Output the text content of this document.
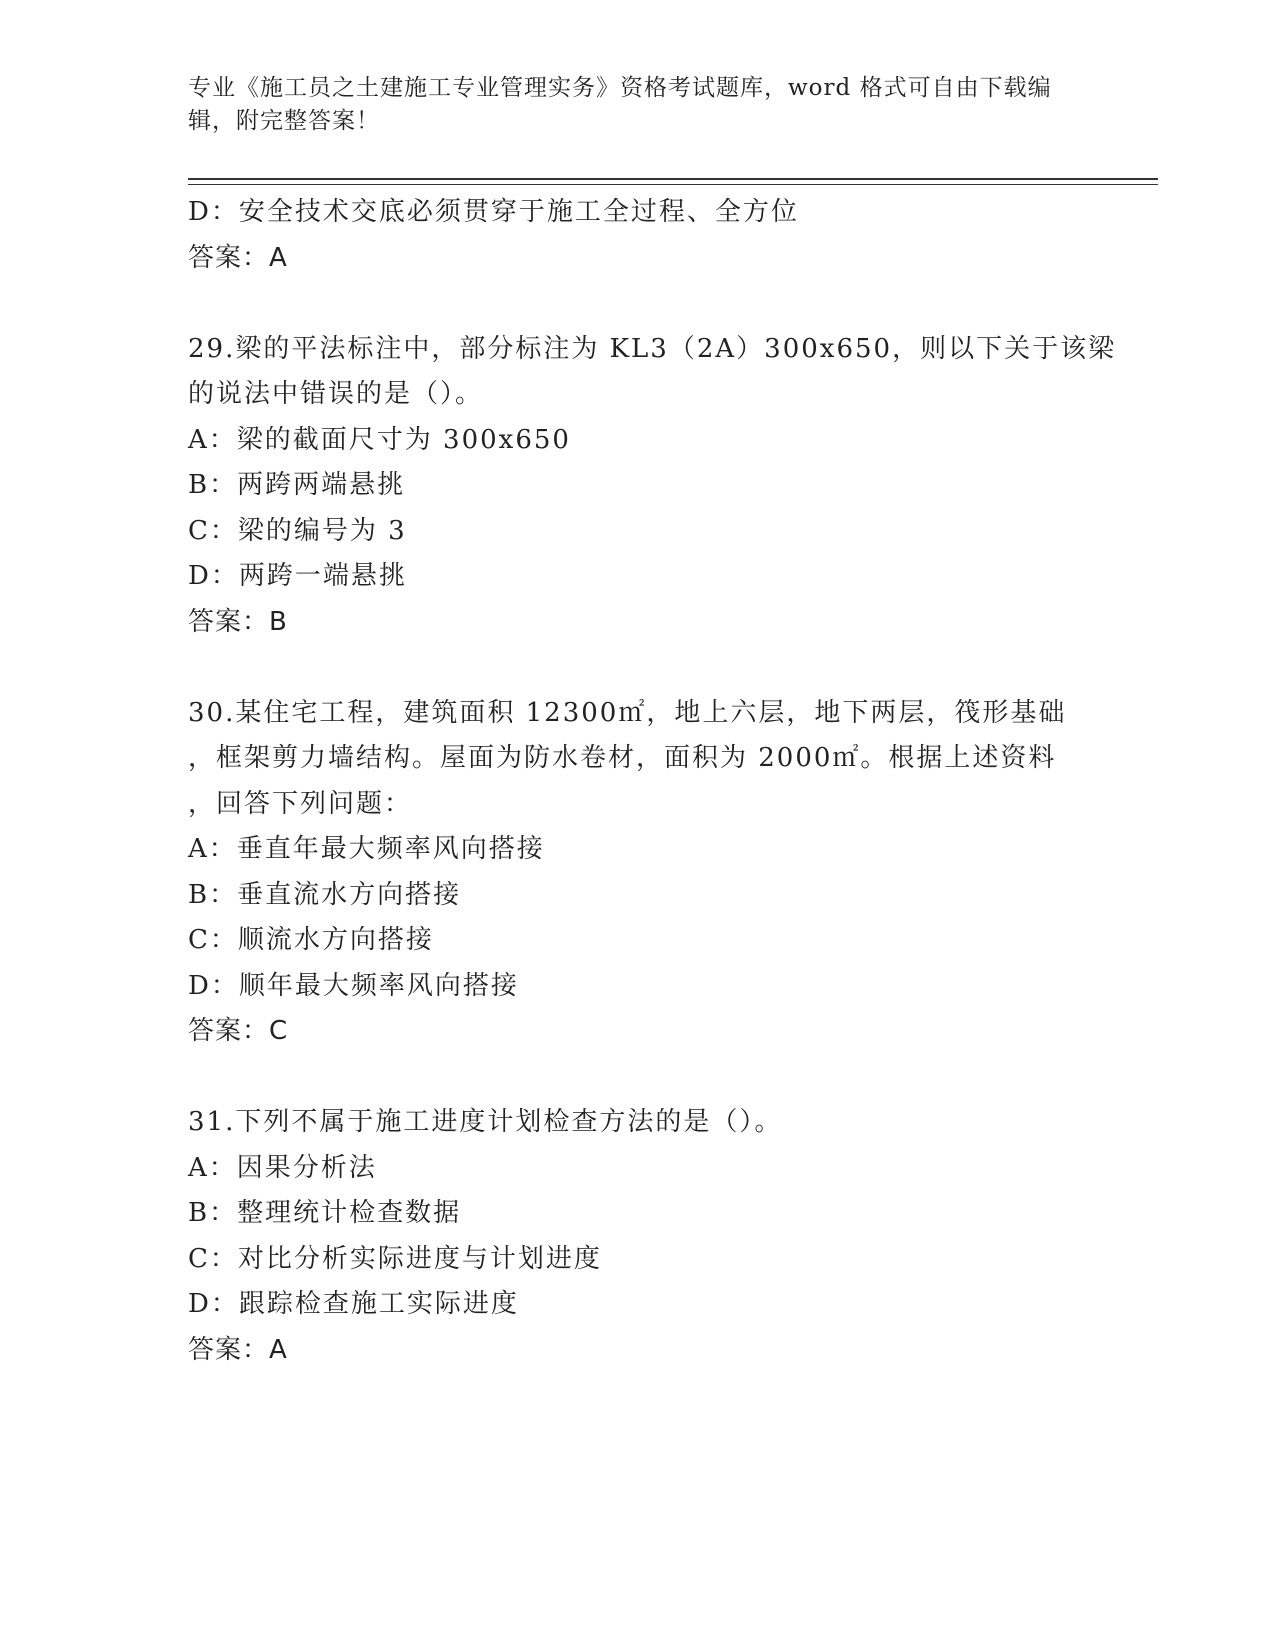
专业《施工员之土建施工专业管理实务》资格考试题库，word 格式可自由下载编
辑，附完整答案！
D：安全技术交底必须贯穿于施工全过程、全方位
答案：A
29.梁的平法标注中，部分标注为 KL3（2A）300x650，则以下关于该梁
的说法中错误的是（）。
A：梁的截面尺寸为 300x650
B：两跨两端悬挑
C：梁的编号为 3
D：两跨一端悬挑
答案：B
30.某住宅工程，建筑面积 12300㎡，地上六层，地下两层，筏形基础
，框架剪力墙结构。屋面为防水卷材，面积为 2000㎡。根据上述资料
，回答下列问题：
A：垂直年最大频率风向搭接
B：垂直流水方向搭接
C：顺流水方向搭接
D：顺年最大频率风向搭接
答案：C
31.下列不属于施工进度计划检查方法的是（）。
A：因果分析法
B：整理统计检查数据
C：对比分析实际进度与计划进度
D：跟踪检查施工实际进度
答案：A
